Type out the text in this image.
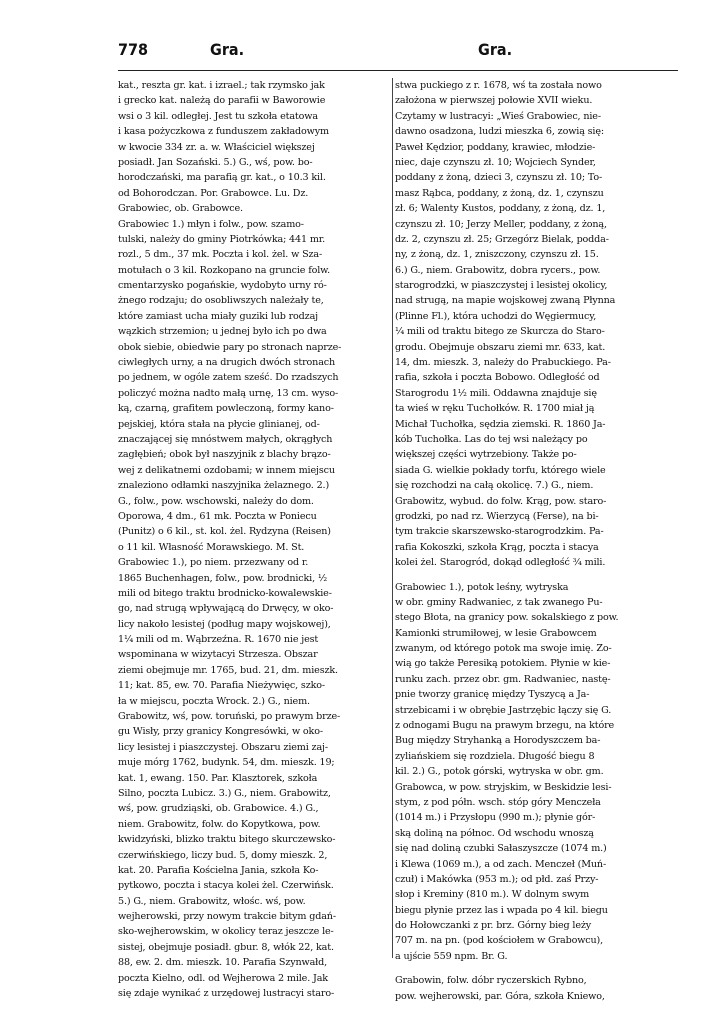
778	Gra.	Gra.
kat., reszta gr. kat. i izrael.; tak rzymsko jak
i grecko kat. należą do parafii w Baworowie
wsi o 3 kil. odległej. Jest tu szkoła etatowa
i kasa pożyczkowa z funduszem zakładowym
w kwocie 334 zr. a. w. Właściciel większej
posiadł. Jan Sozański. 5.) G., wś, pow. bo-
horodczański, ma parafią gr. kat., o 10.3 kil.
od Bohorodczan. Por. Grabowce. Lu. Dz.
Grabowiec, ob. Grabowce.
Grabowiec 1.) młyn i folw., pow. szamo-
tulski, należy do gminy Piotrkówka; 441 mr.
rozl., 5 dm., 37 mk. Poczta i kol. żel. w Sza-
motułach o 3 kil. Rozkopano na gruncie folw.
cmentarzysko pogańskie, wydobyto urny ró-
żnego rodzaju; do osobliwszych należały te,
które zamiast ucha miały guziki lub rodzaj
wązkich strzemion; u jednej było ich po dwa
obok siebie, obiedwie pary po stronach naprze-
ciwległych urny, a na drugich dwóch stronach
po jednem, w ogóle zatem sześć. Do rzadszych
policzyć można nadto małą urnę, 13 cm. wyso-
ką, czarną, grafitem powleczoną, formy kano-
pejskiej, która stała na płycie glinianej, od-
znaczającej się mnóstwem małych, okrągłych
zagłębień; obok był naszyjnik z blachy brązo-
wej z delikatnemi ozdobami; w innem miejscu
znaleziono odłamki naszyjnika żelaznego. 2.)
G., folw., pow. wschowski, należy do dom.
Oporowa, 4 dm., 61 mk. Poczta w Poniecu
(Punitz) o 6 kil., st. kol. żel. Rydzyna (Reisen)
o 11 kil. Własność Morawskiego. M. St.
Grabowiec 1.), po niem. przezwany od r.
1865 Buchenhagen, folw., pow. brodnicki, ½
mili od bitego traktu brodnicko-kowalewskie-
go, nad strugą wpływającą do Drwęcy, w oko-
licy nakoło lesistej (podług mapy wojskowej),
1¼ mili od m. Wąbrzeźna. R. 1670 nie jest
wspominana w wizytacyi Strzesza. Obszar
ziemi obejmuje mr. 1765, bud. 21, dm. mieszk.
11; kat. 85, ew. 70. Parafia Nieżywięc, szko-
ła w miejscu, poczta Wrock. 2.) G., niem.
Grabowitz, wś, pow. toruński, po prawym brze-
gu Wisły, przy granicy Kongresówki, w oko-
licy lesistej i piaszczystej. Obszaru ziemi zaj-
muje mórg 1762, budynk. 54, dm. mieszk. 19;
kat. 1, ewang. 150. Par. Klasztorek, szkoła
Silno, poczta Lubicz. 3.) G., niem. Grabowitz,
wś, pow. grudziąski, ob. Grabowice. 4.) G.,
niem. Grabowitz, folw. do Kopytkowa, pow.
kwidzyński, blizko traktu bitego skurczewsko-
czerwińskiego, liczy bud. 5, domy mieszk. 2,
kat. 20. Parafia Kościelna Jania, szkoła Ko-
pytkowo, poczta i stacya kolei żel. Czerwińsk.
5.) G., niem. Grabowitz, włośc. wś, pow.
wejherowski, przy nowym trakcie bitym gdań-
sko-wejherowskim, w okolicy teraz jeszcze le-
sistej, obejmuje posiadł. gbur. 8, włók 22, kat.
88, ew. 2. dm. mieszk. 10. Parafia Szynwałd,
poczta Kielno, odl. od Wejherowa 2 mile. Jak
się zdaje wynikać z urzędowej lustracyi staro-
stwa puckiego z r. 1678, wś ta została nowo
założona w pierwszej połowie XVII wieku.
Czytamy w lustracyi: „Wieś Grabowiec, nie-
dawno osadzona, ludzi mieszka 6, zowią się:
Paweł Kędzior, poddany, krawiec, młodzie-
niec, daje czynszu zł. 10; Wojciech Synder,
poddany z żoną, dzieci 3, czynszu zł. 10; To-
masz Rąbca, poddany, z żoną, dz. 1, czynszu
zł. 6; Walenty Kustos, poddany, z żoną, dz. 1,
czynszu zł. 10; Jerzy Meller, poddany, z żoną,
dz. 2, czynszu zł. 25; Grzegórz Bielak, podda-
ny, z żoną, dz. 1, zniszczony, czynszu zł. 15.
6.) G., niem. Grabowitz, dobra rycers., pow.
starogrodzki, w piaszczystej i lesistej okolicy,
nad strugą, na mapie wojskowej zwaną Płynna
(Plinne Fl.), która uchodzi do Węgiermucy,
¼ mili od traktu bitego ze Skurcza do Staro-
grodu. Obejmuje obszaru ziemi mr. 633, kat.
14, dm. mieszk. 3, należy do Prabuckiego. Pa-
rafia, szkoła i poczta Bobowo. Odległość od
Starogrodu 1½ mili. Oddawna znajduje się
ta wieś w ręku Tuchołków. R. 1700 miał ją
Michał Tuchołka, sędzia ziemski. R. 1860 Ja-
kób Tuchołka. Las do tej wsi należący po
większej części wytrzebiony. Także po-
siada G. wielkie pokłady torfu, którego wiele
się rozchodzi na całą okolicę. 7.) G., niem.
Grabowitz, wybud. do folw. Krąg, pow. staro-
grodzki, po nad rz. Wierzycą (Ferse), na bi-
tym trakcie skarszewsko-starogrodzkim. Pa-
rafia Kokoszki, szkoła Krąg, poczta i stacya
kolei żel. Starogród, dokąd odległość ¾ mili.
Grabowiec 1.), potok leśny, wytryska
w obr. gminy Radwaniec, z tak zwanego Pu-
stego Błota, na granicy pow. sokalskiego z pow.
Kamionki strumiłowej, w lesie Grabowcem
zwanym, od którego potok ma swoje imię. Zo-
wią go także Peresiką potokiem. Płynie w kie-
runku zach. przez obr. gm. Radwaniec, nastę-
pnie tworzy granicę między Tyszycą a Ja-
strzebicami i w obrębie Jastrzębic łączy się G.
z odnogami Bugu na prawym brzegu, na które
Bug między Stryhanką a Horodyszczem ba-
zyliańskiem się rozdziela. Długość biegu 8
kil. 2.) G., potok górski, wytryska w obr. gm.
Grabowca, w pow. stryjskim, w Beskidzie lesi-
stym, z pod półn. wsch. stóp góry Menczeła
(1014 m.) i Przysłopu (990 m.); płynie gór-
ską doliną na północ. Od wschodu wnoszą
się nad doliną czubki Sałaszyszcze (1074 m.)
i Klewa (1069 m.), a od zach. Menczeł (Muń-
czuł) i Makówka (953 m.); od płd. zaś Przy-
słop i Kreminy (810 m.). W dolnym swym
biegu płynie przez las i wpada po 4 kil. biegu
do Hołowczanki z pr. brz. Górny bieg leży
707 m. na pn. (pod kościołem w Grabowcu),
a ujście 559 npm. Br. G.
Grabowin, folw. dóbr ryczerskich Rybno,
pow. wejherowski, par. Góra, szkoła Kniewo,
